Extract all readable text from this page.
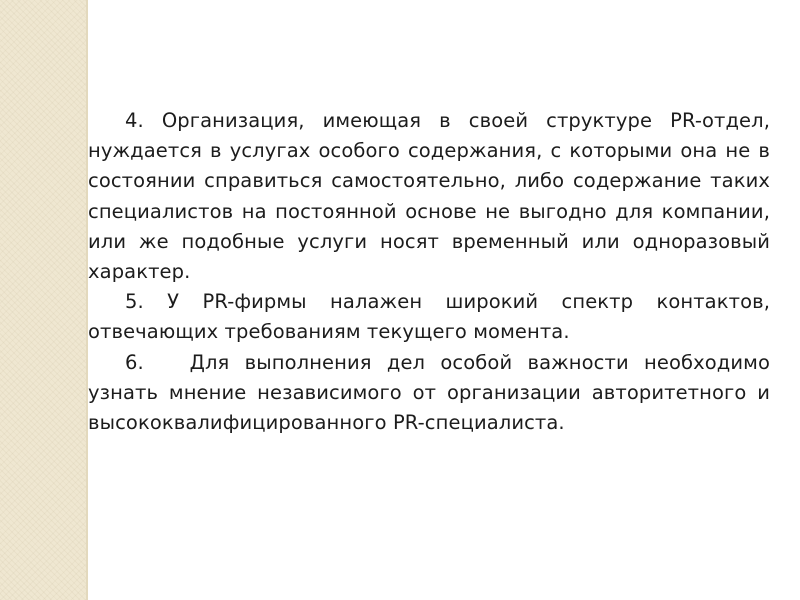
4. Организация, имеющая в своей структуре PR-отдел, нуждается в услугах особого содержания, с которыми она не в состоянии справиться самостоятельно, либо содержание таких специалистов на постоянной основе не выгодно для компании, или же подобные услуги носят временный или одноразовый характер.

5. У PR-фирмы налажен широкий спектр контактов, отвечающих требованиям текущего момента.

6.   Для выполнения дел особой важности необходимо узнать мнение независимого от организации авторитетного и высококвалифицированного PR-специалиста.
